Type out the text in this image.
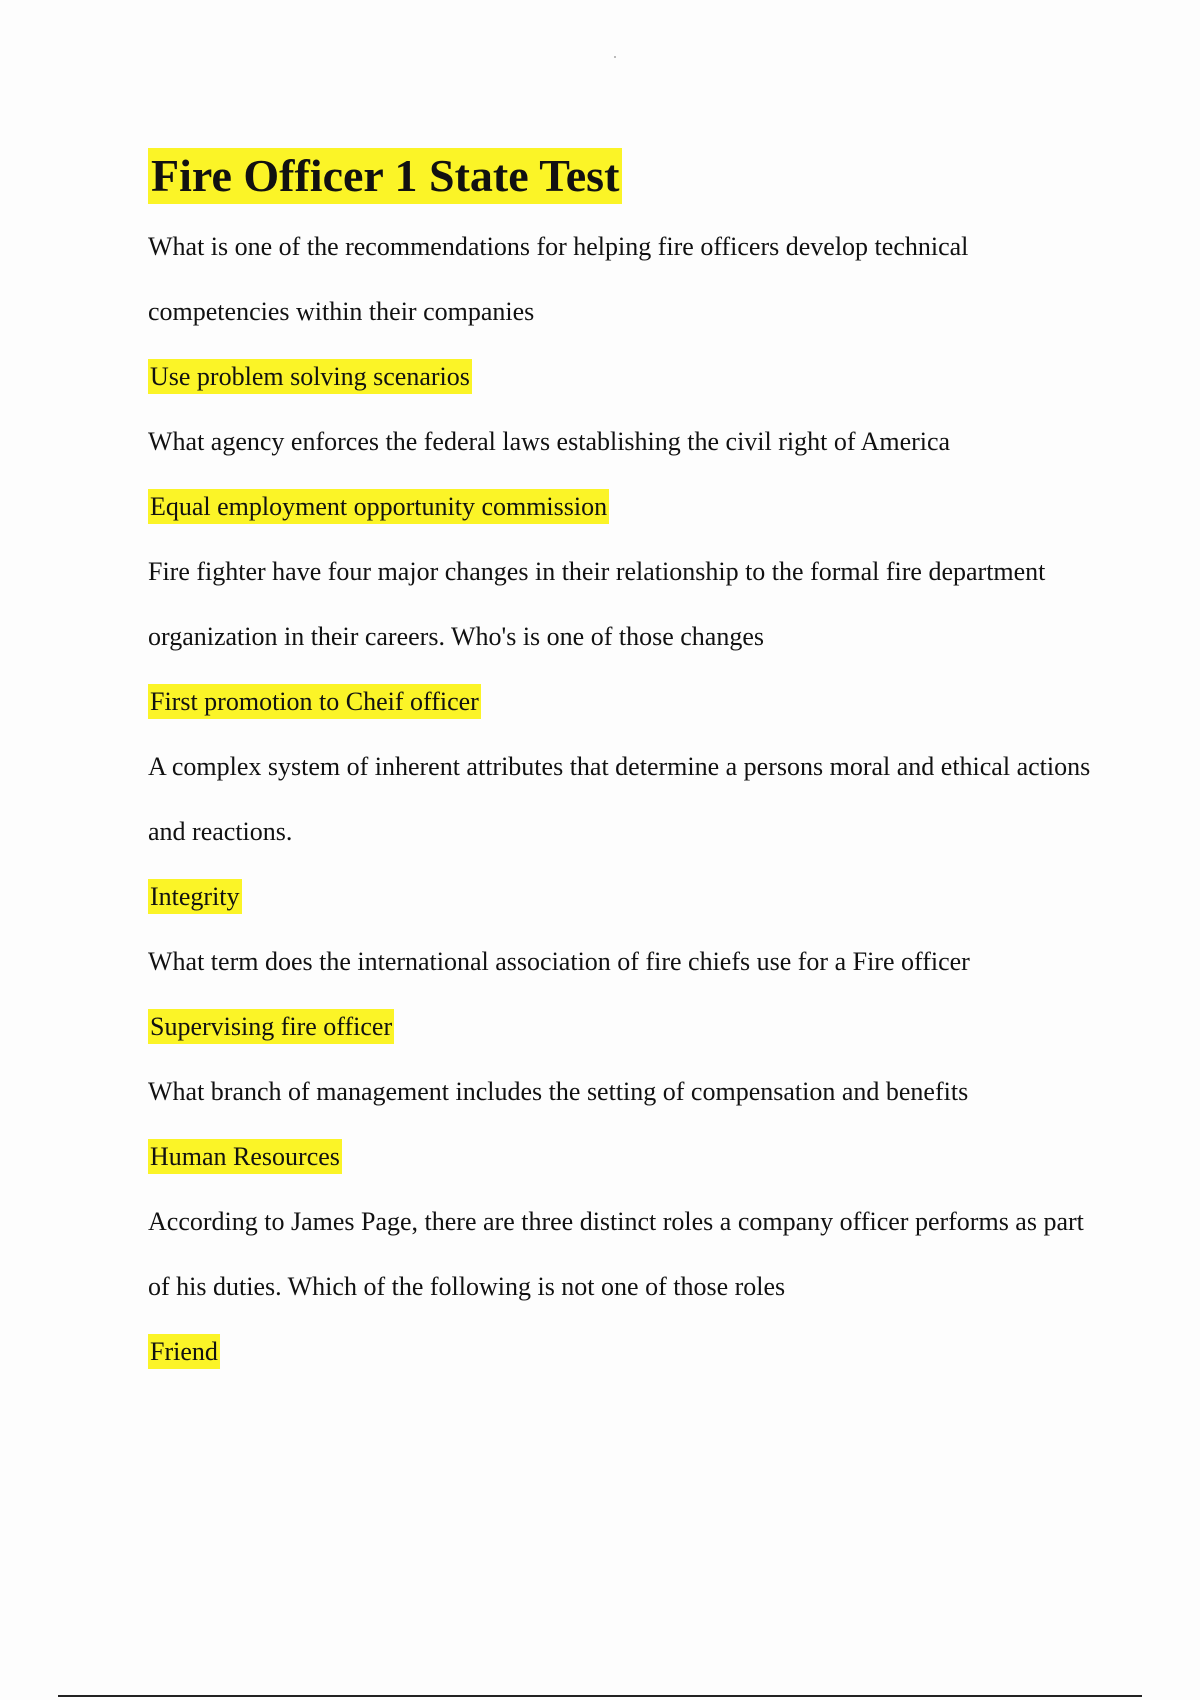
Fire Officer 1 State Test

What is one of the recommendations for helping fire officers develop technical competencies within their companies

Use problem solving scenarios

What agency enforces the federal laws establishing the civil right of America

Equal employment opportunity commission

Fire fighter have four major changes in their relationship to the formal fire department organization in their careers. Who's is one of those changes

First promotion to Cheif officer

A complex system of inherent attributes that determine a persons moral and ethical actions and reactions.

Integrity

What term does the international association of fire chiefs use for a Fire officer

Supervising fire officer

What branch of management includes the setting of compensation and benefits

Human Resources

According to James Page, there are three distinct roles a company officer performs as part of his duties. Which of the following is not one of those roles

Friend
